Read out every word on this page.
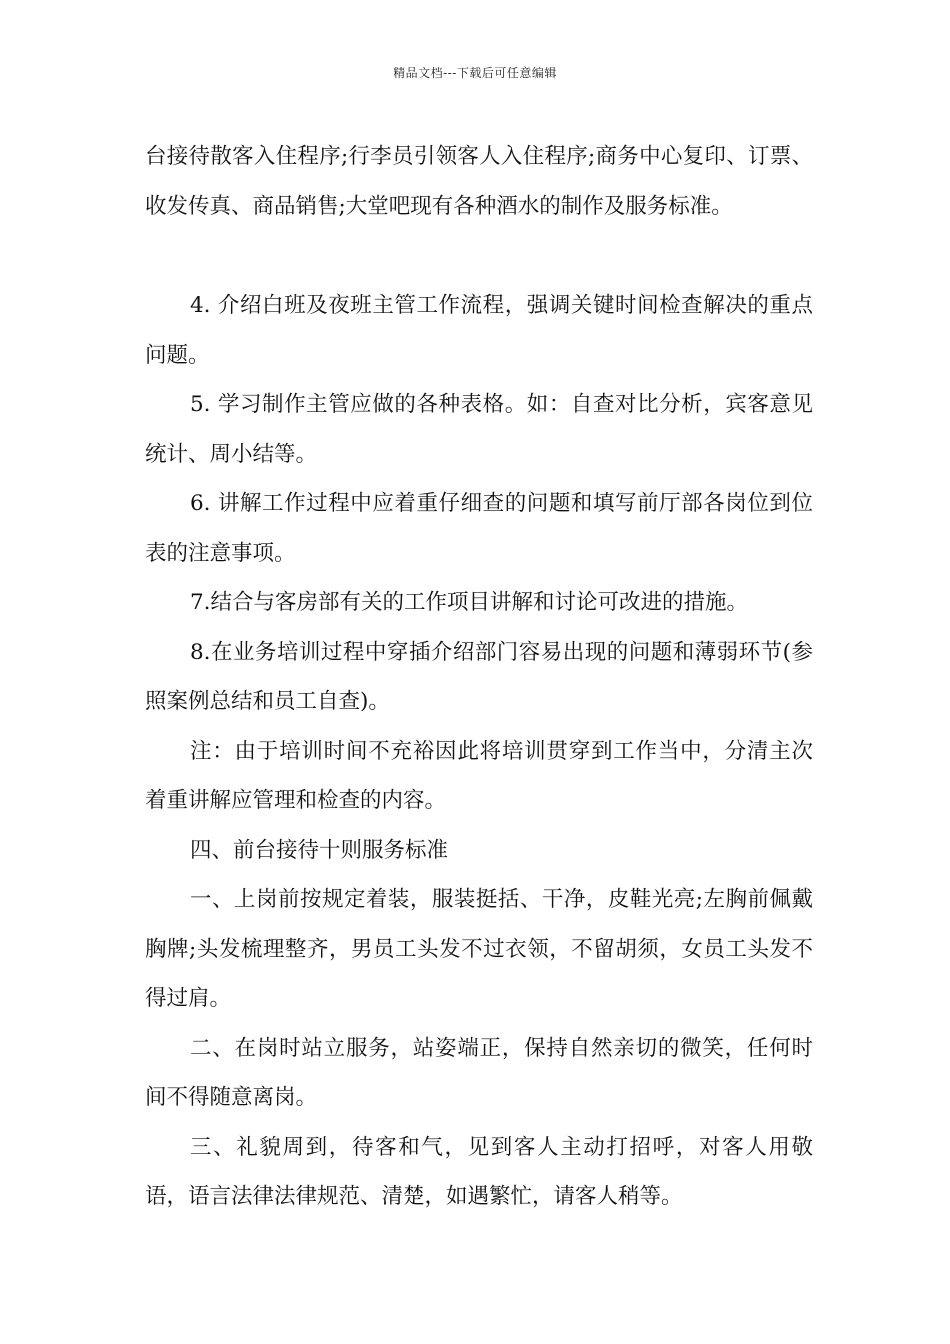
精品文档---下载后可任意编辑

台接待散客入住程序;行李员引领客人入住程序;商务中心复印、订票、收发传真、商品销售;大堂吧现有各种酒水的制作及服务标准。

4. 介绍白班及夜班主管工作流程，强调关键时间检查解决的重点问题。

5. 学习制作主管应做的各种表格。如：自查对比分析，宾客意见统计、周小结等。

6. 讲解工作过程中应着重仔细查的问题和填写前厅部各岗位到位表的注意事项。

7.结合与客房部有关的工作项目讲解和讨论可改进的措施。

8.在业务培训过程中穿插介绍部门容易出现的问题和薄弱环节(参照案例总结和员工自查)。

注：由于培训时间不充裕因此将培训贯穿到工作当中，分清主次着重讲解应管理和检查的内容。

四、前台接待十则服务标准

一、上岗前按规定着装，服装挺括、干净，皮鞋光亮;左胸前佩戴胸牌;头发梳理整齐，男员工头发不过衣领，不留胡须，女员工头发不得过肩。

二、在岗时站立服务，站姿端正，保持自然亲切的微笑，任何时间不得随意离岗。

三、礼貌周到，待客和气，见到客人主动打招呼，对客人用敬语，语言法律法律规范、清楚，如遇繁忙，请客人稍等。
